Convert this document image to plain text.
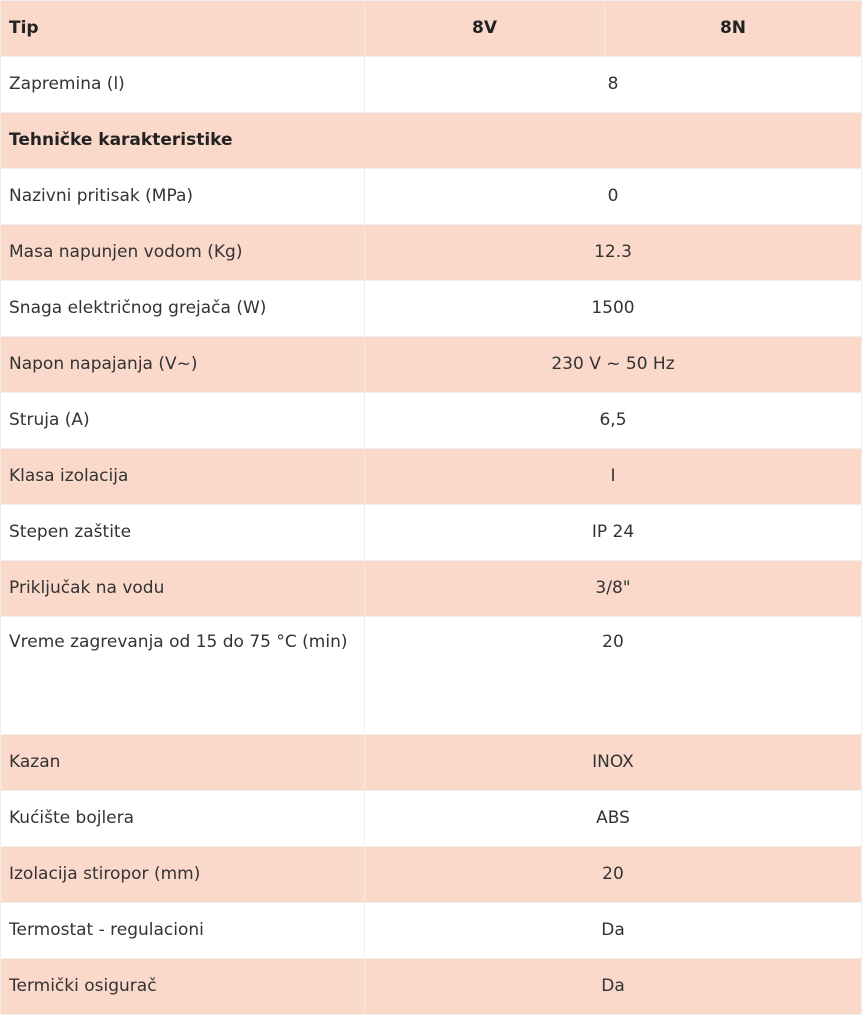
Tip	8V	8N
Zapremina (l)	8	
Tehničke karakteristike		
Nazivni pritisak (MPa)	0	
Masa napunjen vodom (Kg)	12.3	
Snaga električnog grejača (W)	1500	
Napon napajanja (V~)	230 V ~ 50 Hz	
Struja (A)	6,5	
Klasa izolacija	I	
Stepen zaštite	IP 24	
Priključak na vodu	3/8"	
Vreme zagrevanja od 15 do 75 °C (min)	20	
Kazan	INOX	
Kućište bojlera	ABS	
Izolacija stiropor (mm)	20	
Termostat - regulacioni	Da	
Termički osigurač	Da	
